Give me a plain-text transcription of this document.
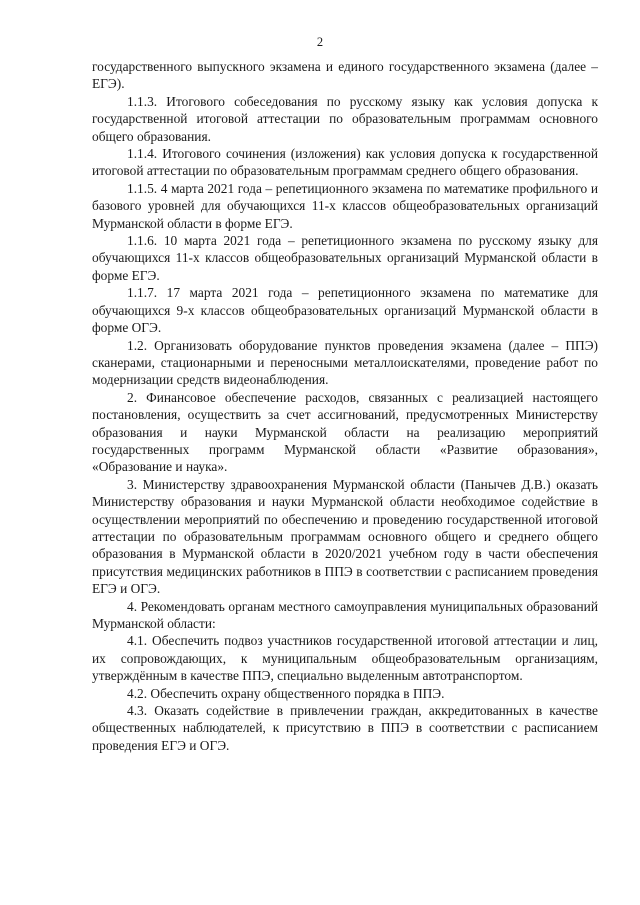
2

государственного выпускного экзамена и единого государственного экзамена (далее – ЕГЭ).

1.1.3. Итогового собеседования по русскому языку как условия допуска к государственной итоговой аттестации по образовательным программам основного общего образования.

1.1.4. Итогового сочинения (изложения) как условия допуска к государственной итоговой аттестации по образовательным программам среднего общего образования.

1.1.5. 4 марта 2021 года – репетиционного экзамена по математике профильного и базового уровней для обучающихся 11-х классов общеобразовательных организаций Мурманской области в форме ЕГЭ.

1.1.6. 10 марта 2021 года – репетиционного экзамена по русскому языку для обучающихся 11-х классов общеобразовательных организаций Мурманской области в форме ЕГЭ.

1.1.7. 17 марта 2021 года – репетиционного экзамена по математике для обучающихся 9-х классов общеобразовательных организаций Мурманской области в форме ОГЭ.

1.2. Организовать оборудование пунктов проведения экзамена (далее – ППЭ) сканерами, стационарными и переносными металлоискателями, проведение работ по модернизации средств видеонаблюдения.

2. Финансовое обеспечение расходов, связанных с реализацией настоящего постановления, осуществить за счет ассигнований, предусмотренных Министерству образования и науки Мурманской области на реализацию мероприятий государственных программ Мурманской области «Развитие образования», «Образование и наука».

3. Министерству здравоохранения Мурманской области (Панычев Д.В.) оказать Министерству образования и науки Мурманской области необходимое содействие в осуществлении мероприятий по обеспечению и проведению государственной итоговой аттестации по образовательным программам основного общего и среднего общего образования в Мурманской области в 2020/2021 учебном году в части обеспечения присутствия медицинских работников в ППЭ в соответствии с расписанием проведения ЕГЭ и ОГЭ.

4. Рекомендовать органам местного самоуправления муниципальных образований Мурманской области:

4.1. Обеспечить подвоз участников государственной итоговой аттестации и лиц, их сопровождающих, к муниципальным общеобразовательным организациям, утверждённым в качестве ППЭ, специально выделенным автотранспортом.

4.2. Обеспечить охрану общественного порядка в ППЭ.

4.3. Оказать содействие в привлечении граждан, аккредитованных в качестве общественных наблюдателей, к присутствию в ППЭ в соответствии с расписанием проведения ЕГЭ и ОГЭ.
